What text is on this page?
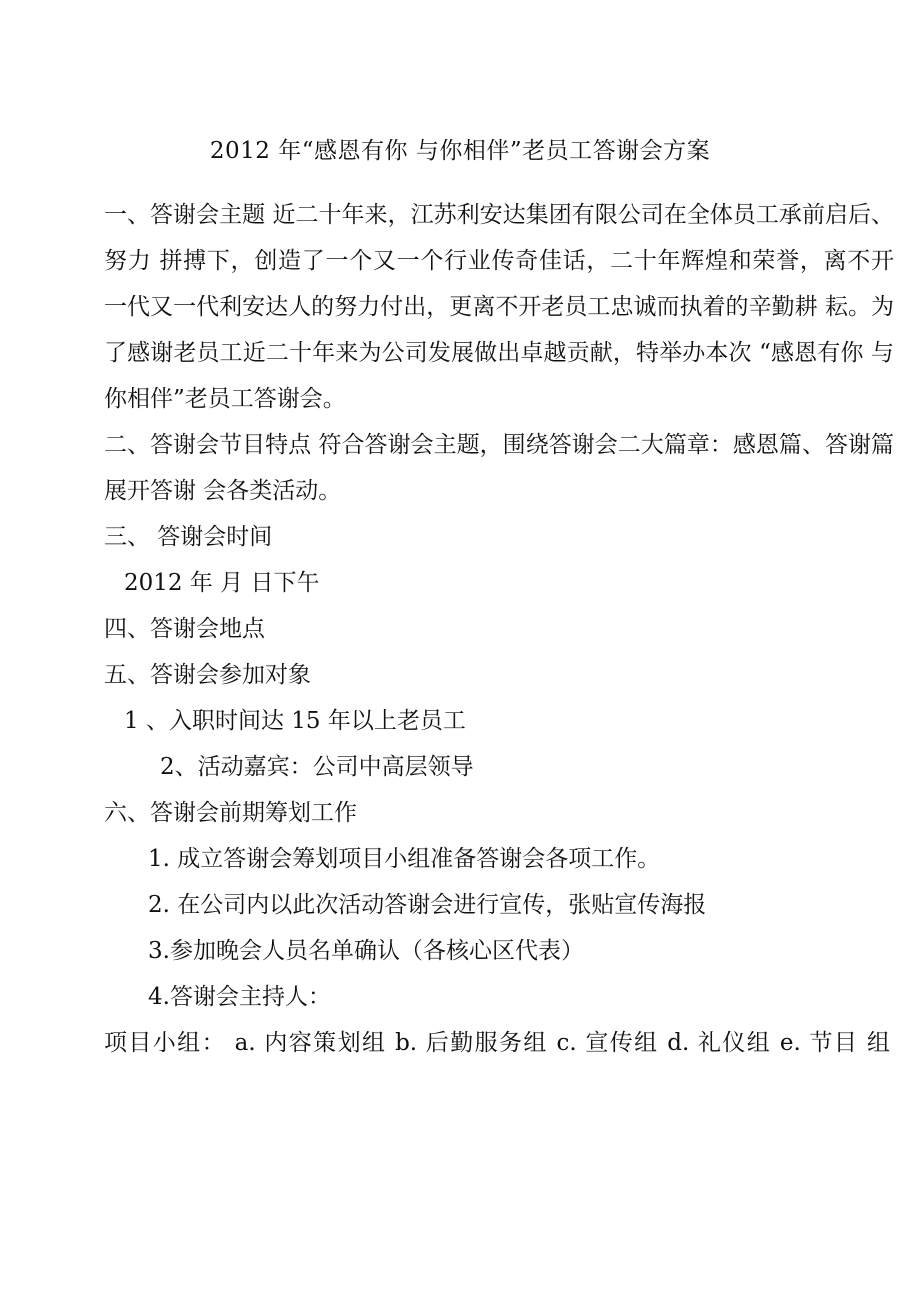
2012 年“感恩有你 与你相伴”老员工答谢会方案
一、答谢会主题 近二十年来，江苏利安达集团有限公司在全体员工承前启后、努力 拼搏下，创造了一个又一个行业传奇佳话，二十年辉煌和荣誉，离不开 一代又一代利安达人的努力付出，更离不开老员工忠诚而执着的辛勤耕 耘。为了感谢老员工近二十年来为公司发展做出卓越贡献，特举办本次 “感恩有你 与你相伴”老员工答谢会。
二、答谢会节目特点 符合答谢会主题，围绕答谢会二大篇章：感恩篇、答谢篇展开答谢 会各类活动。
三、 答谢会时间
2012 年 月 日下午
四、答谢会地点
五、答谢会参加对象
1 、入职时间达 15 年以上老员工
2、活动嘉宾：公司中高层领导
六、答谢会前期筹划工作
1. 成立答谢会筹划项目小组准备答谢会各项工作。
2. 在公司内以此次活动答谢会进行宣传，张贴宣传海报
3.参加晚会人员名单确认（各核心区代表）
4.答谢会主持人：
项目小组： a. 内容策划组 b. 后勤服务组 c. 宣传组 d. 礼仪组 e. 节目 组
